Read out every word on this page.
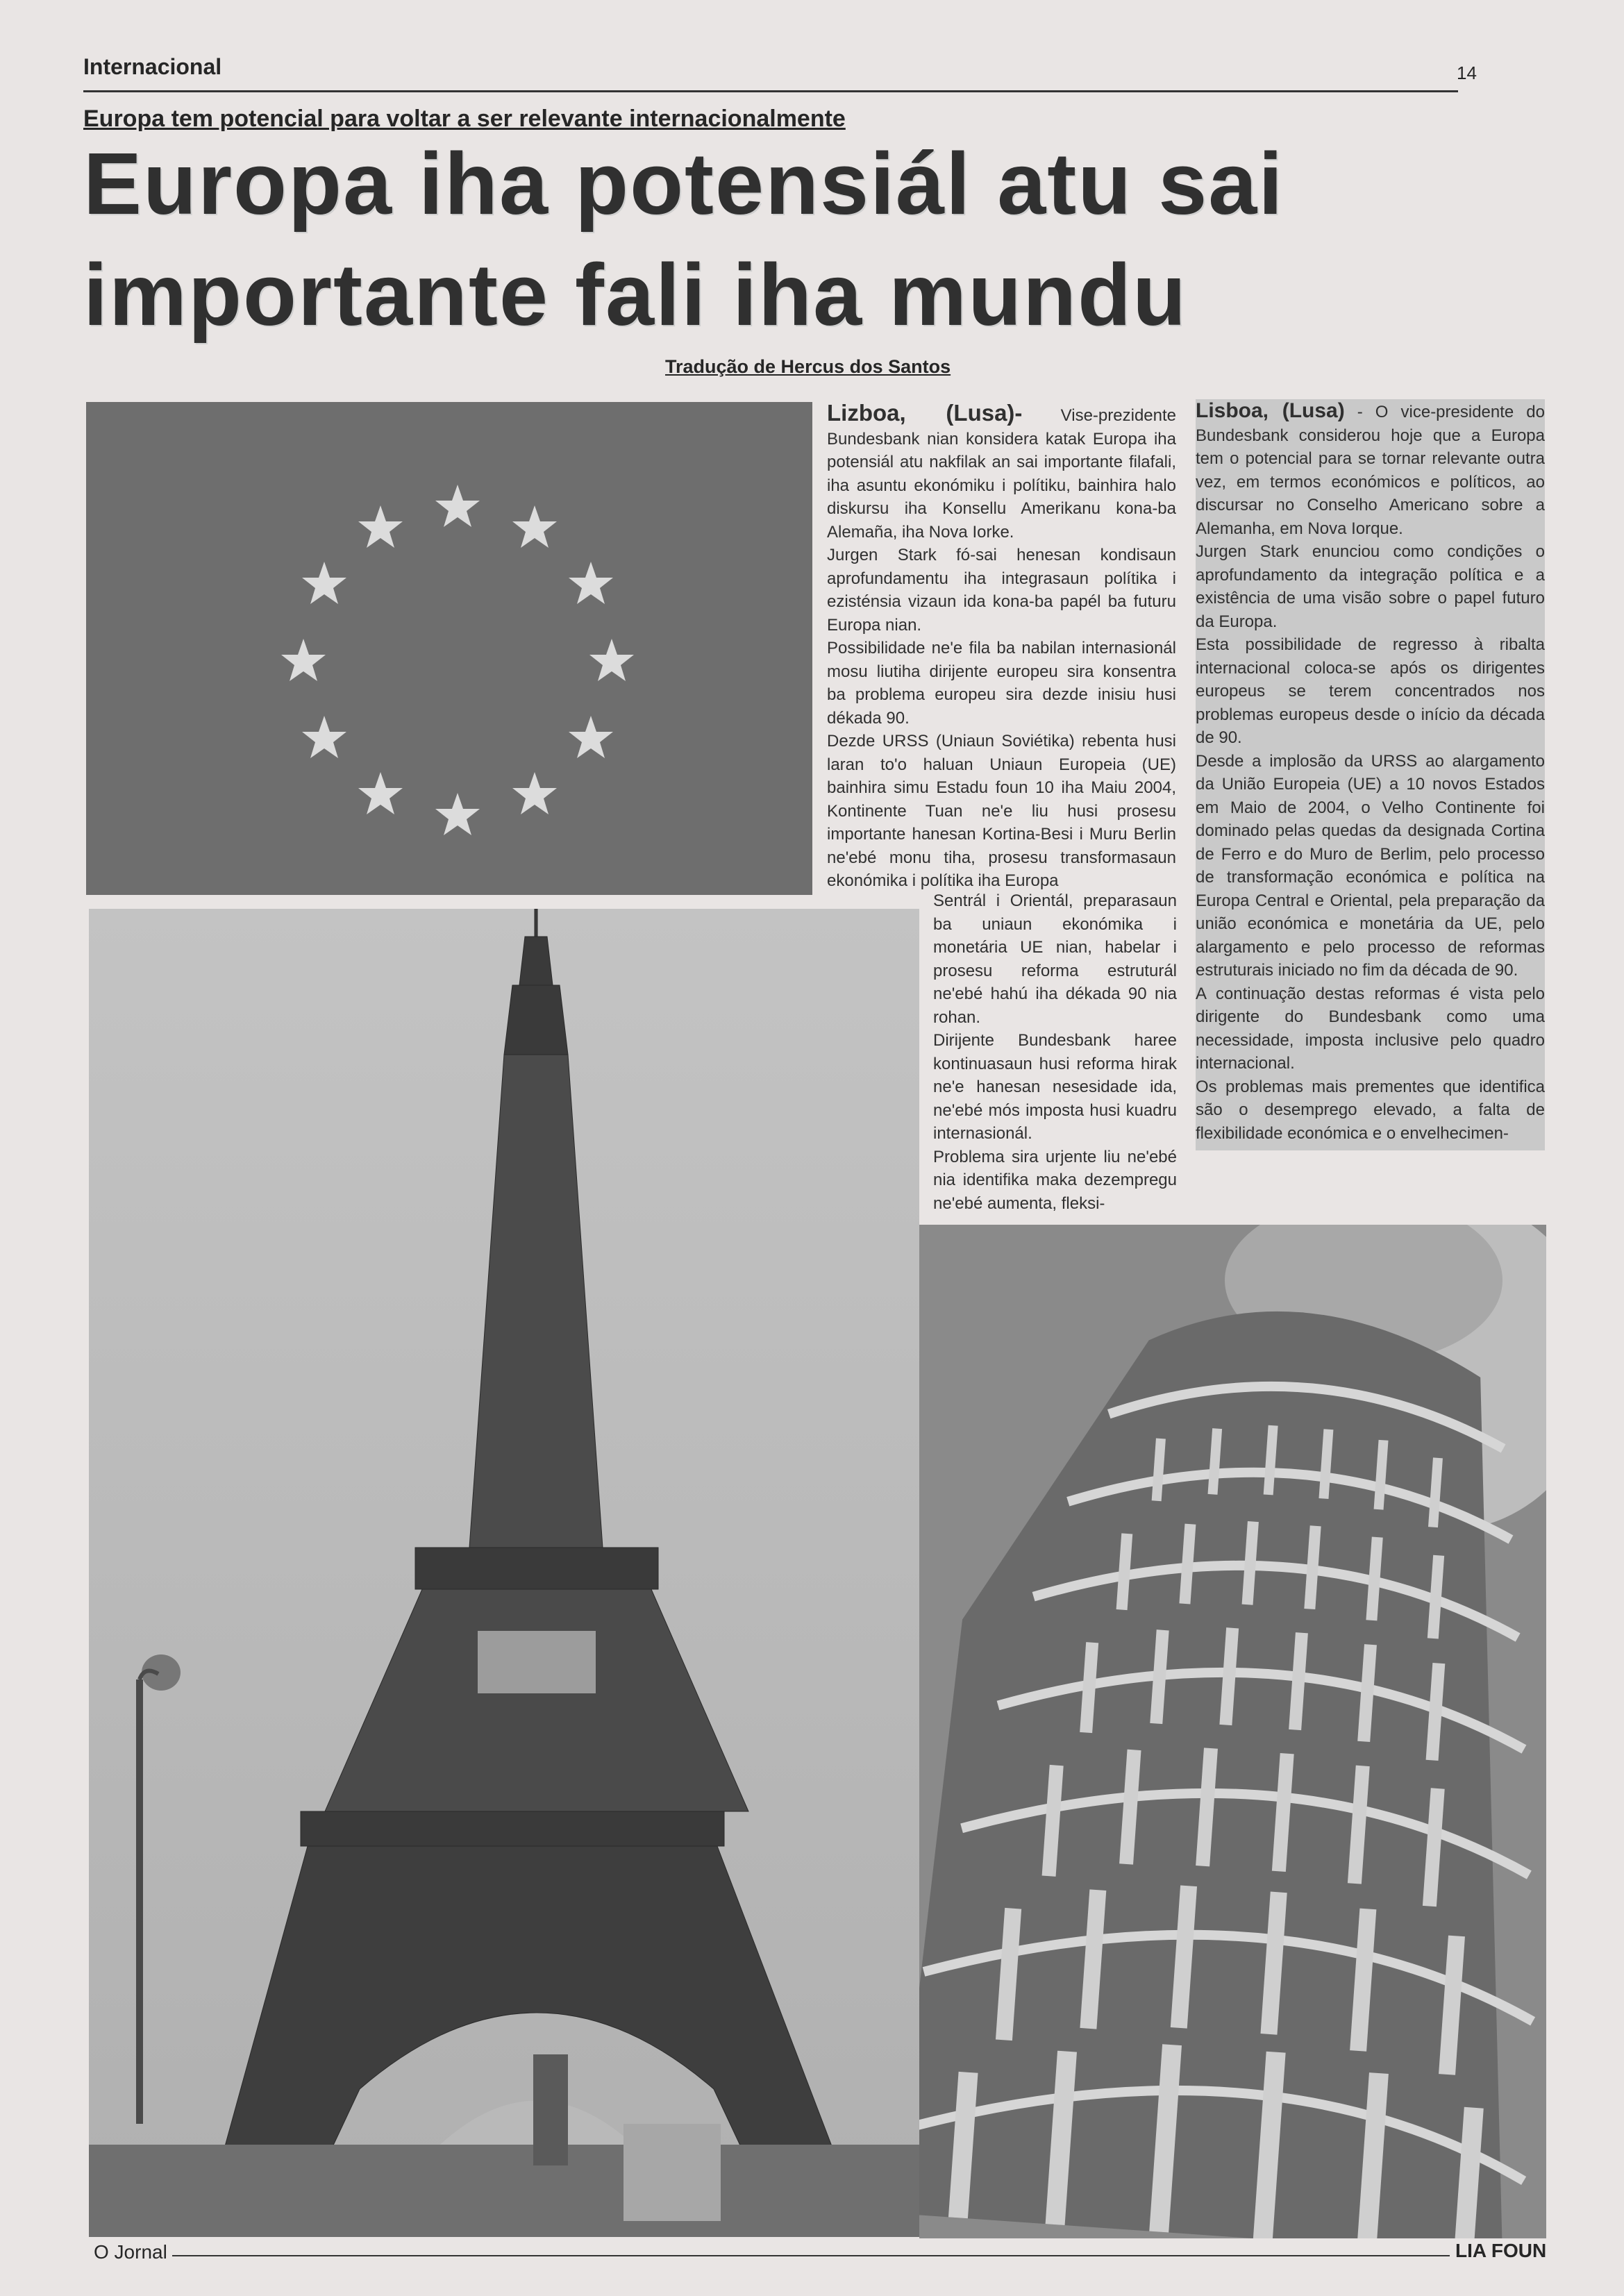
Internacional	14
Europa tem potencial para voltar a ser relevante internacionalmente
Europa iha potensiál atu sai
importante fali iha mundu
Tradução de Hercus dos Santos

Lizboa, (Lusa)- Vise-prezidente Bundesbank nian konsidera katak Europa iha potensiál atu nakfilak an sai importante filafali, iha asuntu ekonómiku i polítiku, bainhira halo diskursu iha Konsellu Amerikanu kona-ba Alemaña, iha Nova Iorke.

Jurgen Stark fó-sai henesan kondisaun aprofundamentu iha integrasaun polítika i ezisténsia vizaun ida kona-ba papél ba futuru Europa nian.

Possibilidade ne'e fila ba nabilan internasionál mosu liutiha dirijente europeu sira konsentra ba problema europeu sira dezde inisiu husi dékada 90.

Dezde URSS (Uniaun Soviétika) rebenta husi laran to'o haluan Uniaun Europeia (UE) bainhira simu Estadu foun 10 iha Maiu 2004, Kontinente Tuan ne'e liu husi prosesu importante hanesan Kortina-Besi i Muru Berlin ne'ebé monu tiha, prosesu transformasaun ekonómika i polítika iha Europa

Sentrál i Orientál, preparasaun ba uniaun ekonómika i monetária UE nian, habelar i prosesu reforma estruturál ne'ebé hahú iha dékada 90 nia rohan.

Dirijente Bundesbank haree kontinuasaun husi reforma hirak ne'e hanesan nesesidade ida, ne'ebé mós imposta husi kuadru internasionál.

Problema sira urjente liu ne'ebé nia identifika maka dezempregu ne'ebé aumenta, fleksi-

Lisboa, (Lusa) - O vice-presidente do Bundesbank considerou hoje que a Europa tem o potencial para se tornar relevante outra vez, em termos económicos e políticos, ao discursar no Conselho Americano sobre a Alemanha, em Nova Iorque.

Jurgen Stark enunciou como condições o aprofundamento da integração política e a existência de uma visão sobre o papel futuro da Europa.

Esta possibilidade de regresso à ribalta internacional coloca-se após os dirigentes europeus se terem concentrados nos problemas europeus desde o início da década de 90.

Desde a implosão da URSS ao alargamento da União Europeia (UE) a 10 novos Estados em Maio de 2004, o Velho Continente foi dominado pelas quedas da designada Cortina de Ferro e do Muro de Berlim, pelo processo de transformação económica e política na Europa Central e Oriental, pela preparação da união económica e monetária da UE, pelo alargamento e pelo processo de reformas estruturais iniciado no fim da década de 90.

A continuação destas reformas é vista pelo dirigente do Bundesbank como uma necessidade, imposta inclusive pelo quadro internacional.

Os problemas mais prementes que identifica são o desemprego elevado, a falta de flexibilidade económica e o envelhecimen-

O Jornal	LIA FOUN
